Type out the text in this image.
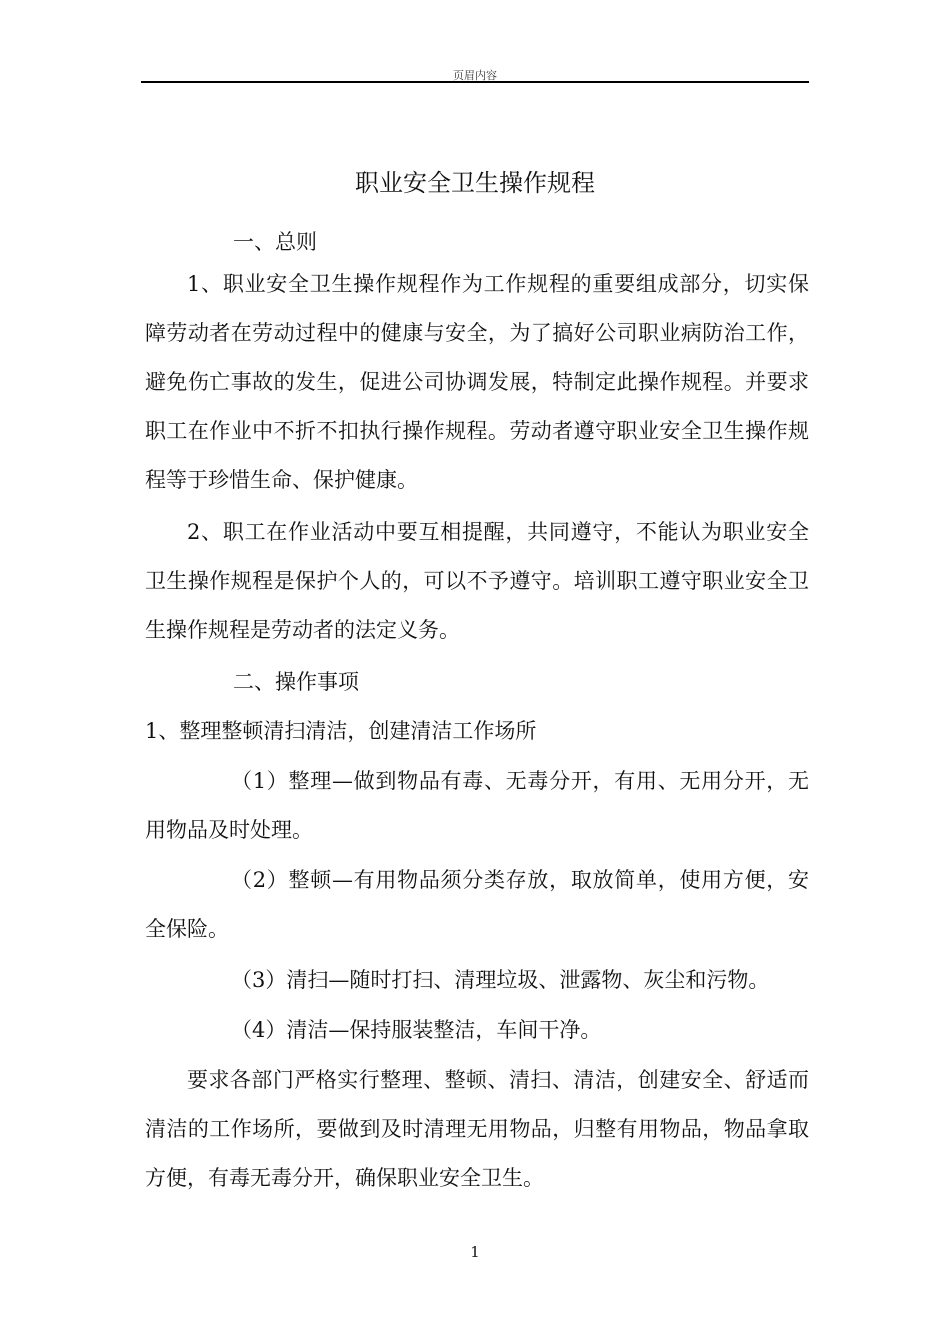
页眉内容
职业安全卫生操作规程
一、总则
1、职业安全卫生操作规程作为工作规程的重要组成部分，切实保障劳动者在劳动过程中的健康与安全，为了搞好公司职业病防治工作，避免伤亡事故的发生，促进公司协调发展，特制定此操作规程。并要求职工在作业中不折不扣执行操作规程。劳动者遵守职业安全卫生操作规程等于珍惜生命、保护健康。
2、职工在作业活动中要互相提醒，共同遵守，不能认为职业安全卫生操作规程是保护个人的，可以不予遵守。培训职工遵守职业安全卫生操作规程是劳动者的法定义务。
二、操作事项
1、整理整顿清扫清洁，创建清洁工作场所
（1）整理—做到物品有毒、无毒分开，有用、无用分开，无用物品及时处理。
（2）整顿—有用物品须分类存放，取放简单，使用方便，安全保险。
（3）清扫—随时打扫、清理垃圾、泄露物、灰尘和污物。
（4）清洁—保持服装整洁，车间干净。
要求各部门严格实行整理、整顿、清扫、清洁，创建安全、舒适而清洁的工作场所，要做到及时清理无用物品，归整有用物品，物品拿取方便，有毒无毒分开，确保职业安全卫生。
1
